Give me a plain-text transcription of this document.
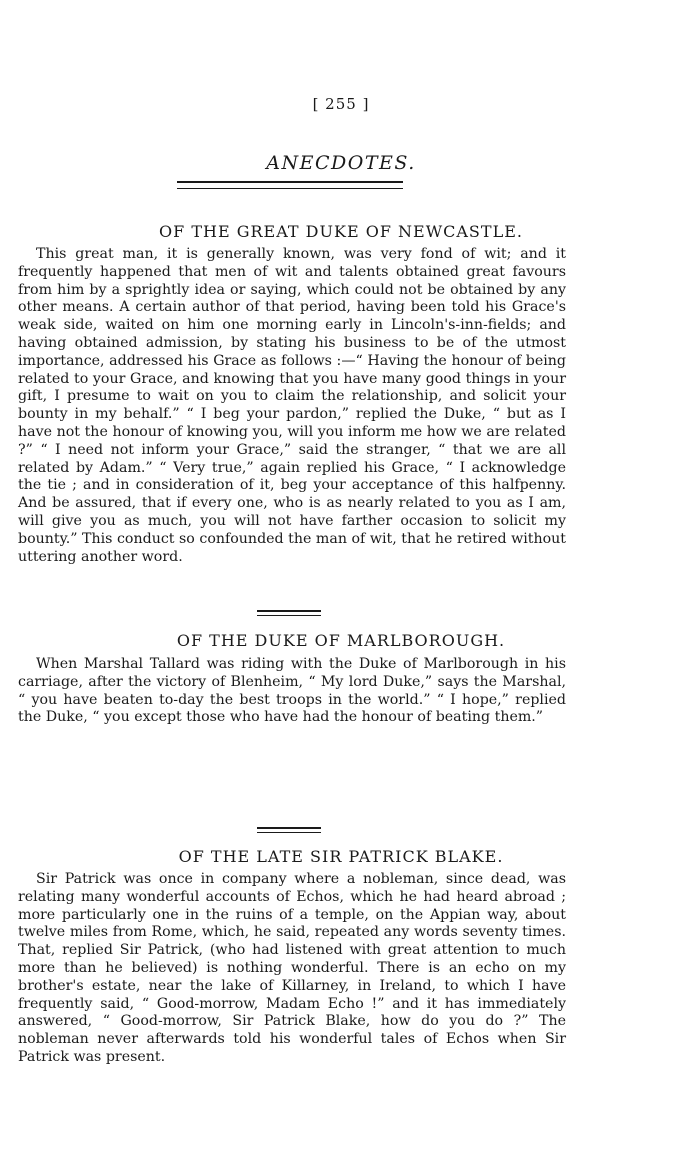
[ 255 ]
ANECDOTES.
OF THE GREAT DUKE OF NEWCASTLE.

This great man, it is generally known, was very fond of wit; and it frequently happened that men of wit and talents obtained great favours from him by a sprightly idea or saying, which could not be obtained by any other means. A certain author of that period, having been told his Grace's weak side, waited on him one morning early in Lincoln's-inn-fields; and having obtained admission, by stating his business to be of the utmost importance, addressed his Grace as follows :—“ Having the honour of being related to your Grace, and knowing that you have many good things in your gift, I presume to wait on you to claim the relationship, and solicit your bounty in my behalf.” “ I beg your pardon,” replied the Duke, “ but as I have not the honour of knowing you, will you inform me how we are related ?” “ I need not inform your Grace,” said the stranger, “ that we are all related by Adam.” “ Very true,” again replied his Grace, “ I acknowledge the tie ; and in consideration of it, beg your acceptance of this halfpenny. And be assured, that if every one, who is as nearly related to you as I am, will give you as much, you will not have farther occasion to solicit my bounty.” This conduct so confounded the man of wit, that he retired without uttering another word.

OF THE DUKE OF MARLBOROUGH.

When Marshal Tallard was riding with the Duke of Marlborough in his carriage, after the victory of Blenheim, “ My lord Duke,” says the Marshal, “ you have beaten to-day the best troops in the world.” “ I hope,” replied the Duke, “ you except those who have had the honour of beating them.”

OF THE LATE SIR PATRICK BLAKE.

Sir Patrick was once in company where a nobleman, since dead, was relating many wonderful accounts of Echos, which he had heard abroad ; more particularly one in the ruins of a temple, on the Appian way, about twelve miles from Rome, which, he said, repeated any words seventy times. That, replied Sir Patrick, (who had listened with great attention to much more than he believed) is nothing wonderful. There is an echo on my brother's estate, near the lake of Killarney, in Ireland, to which I have frequently said, “ Good-morrow, Madam Echo !” and it has immediately answered, “ Good-morrow, Sir Patrick Blake, how do you do ?” The nobleman never afterwards told his wonderful tales of Echos when Sir Patrick was present.
